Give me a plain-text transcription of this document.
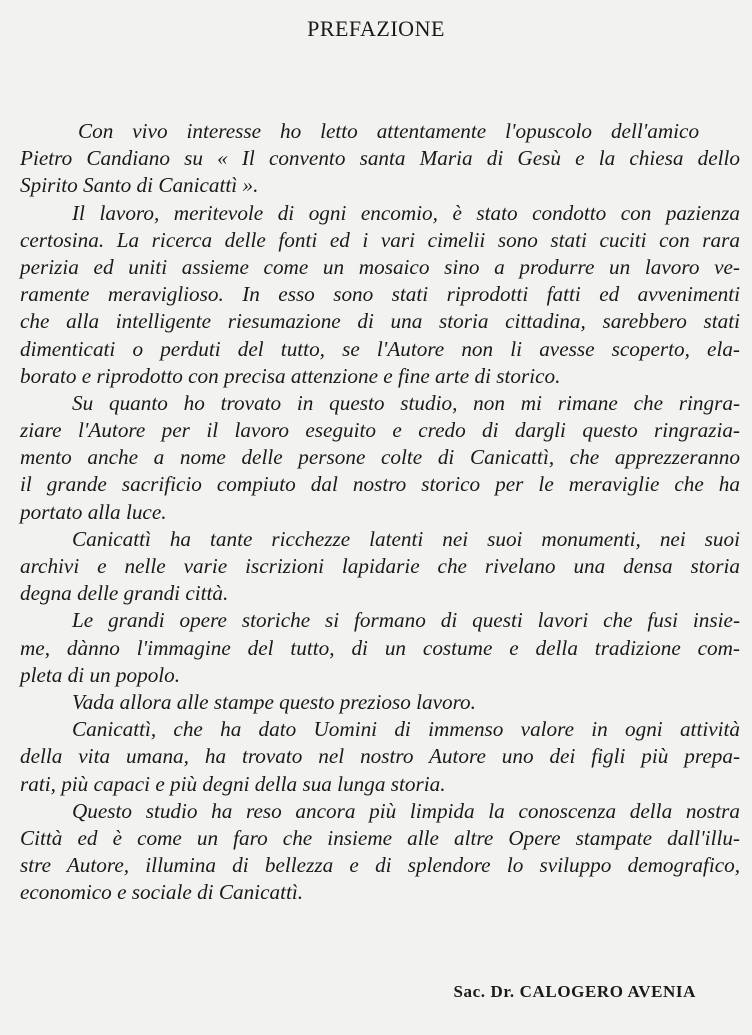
PREFAZIONE
Con vivo interesse ho letto attentamente l'opuscolo dell'amico
Pietro Candiano su « Il convento santa Maria di Gesù e la chiesa dello
Spirito Santo di Canicattì ».
Il lavoro, meritevole di ogni encomio, è stato condotto con pazienza
certosina. La ricerca delle fonti ed i vari cimelii sono stati cuciti con rara
perizia ed uniti assieme come un mosaico sino a produrre un lavoro ve-
ramente meraviglioso. In esso sono stati riprodotti fatti ed avvenimenti
che alla intelligente riesumazione di una storia cittadina, sarebbero stati
dimenticati o perduti del tutto, se l'Autore non li avesse scoperto, ela-
borato e riprodotto con precisa attenzione e fine arte di storico.
Su quanto ho trovato in questo studio, non mi rimane che ringra-
ziare l'Autore per il lavoro eseguito e credo di dargli questo ringrazia-
mento anche a nome delle persone colte di Canicattì, che apprezzeranno
il grande sacrificio compiuto dal nostro storico per le meraviglie che ha
portato alla luce.
Canicattì ha tante ricchezze latenti nei suoi monumenti, nei suoi
archivi e nelle varie iscrizioni lapidarie che rivelano una densa storia
degna delle grandi città.
Le grandi opere storiche si formano di questi lavori che fusi insie-
me, dànno l'immagine del tutto, di un costume e della tradizione com-
pleta di un popolo.
Vada allora alle stampe questo prezioso lavoro.
Canicattì, che ha dato Uomini di immenso valore in ogni attività
della vita umana, ha trovato nel nostro Autore uno dei figli più prepa-
rati, più capaci e più degni della sua lunga storia.
Questo studio ha reso ancora più limpida la conoscenza della nostra
Città ed è come un faro che insieme alle altre Opere stampate dall'illu-
stre Autore, illumina di bellezza e di splendore lo sviluppo demografico,
economico e sociale di Canicattì.
Sac. Dr. CALOGERO AVENIA
